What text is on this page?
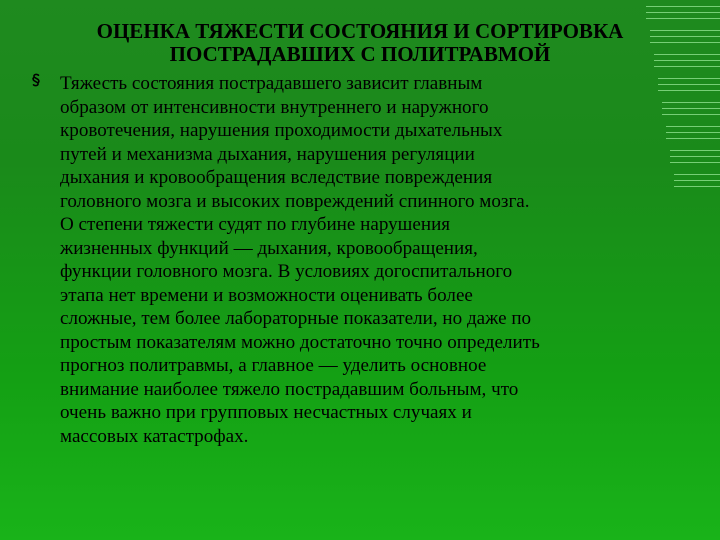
ОЦЕНКА ТЯЖЕСТИ СОСТОЯНИЯ И СОРТИРОВКА ПОСТРАДАВШИХ С ПОЛИТРАВМОЙ
Тяжесть состояния пострадавшего зависит главным
образом от интенсивности внутреннего и наружного
кровотечения, нарушения проходимости дыхательных
путей и механизма дыхания, нарушения регуляции
дыхания и кровообращения вследствие повреждения
головного мозга и высоких повреждений спинного мозга.
О степени тяжести судят по глубине нарушения
жизненных функций — дыхания, кровообращения,
функции головного мозга. В условиях догоспитального
этапа нет времени и возможности оценивать более
сложные, тем более лабораторные показатели, но даже по
простым показателям можно достаточно точно определить
прогноз политравмы, а главное — уделить основное
внимание наиболее тяжело пострадавшим больным, что
очень важно при групповых несчастных случаях и
массовых катастрофах.
